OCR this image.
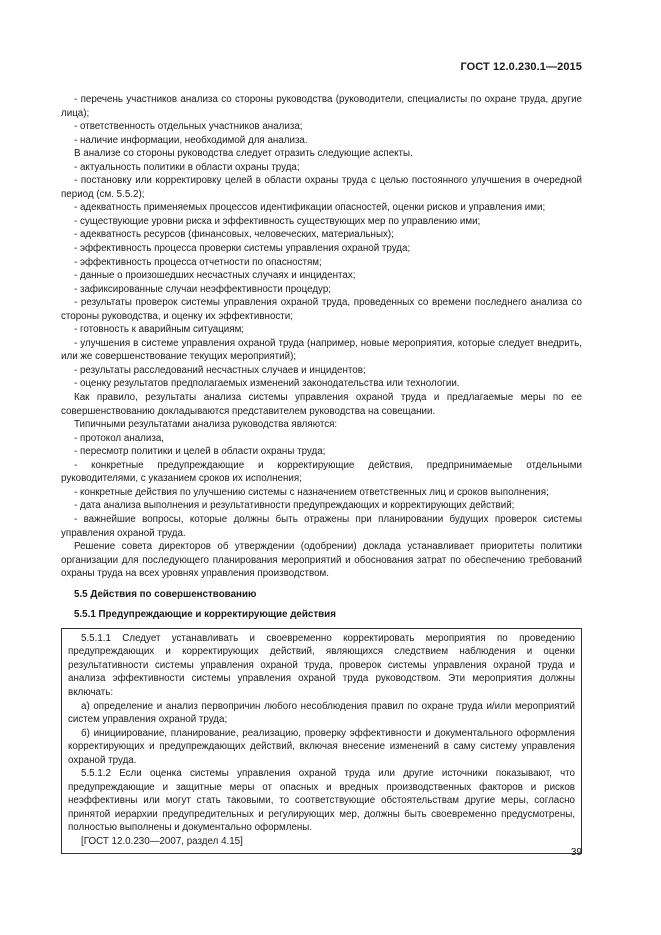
ГОСТ 12.0.230.1—2015

- перечень участников анализа со стороны руководства (руководители, специалисты по охране труда, другие лица);

- ответственность отдельных участников анализа;

- наличие информации, необходимой для анализа.

В анализе со стороны руководства следует отразить следующие аспекты.

- актуальность политики в области охраны труда;

- постановку или корректировку целей в области охраны труда с целью постоянного улучшения в очередной период (см. 5.5.2);

- адекватность применяемых процессов идентификации опасностей, оценки рисков и управления ими;

- существующие уровни риска и эффективность существующих мер по управлению ими;

- адекватность ресурсов (финансовых, человеческих, материальных);

- эффективность процесса проверки системы управления охраной труда;

- эффективность процесса отчетности по опасностям;

- данные о произошедших несчастных случаях и инцидентах;

- зафиксированные случаи неэффективности процедур;

- результаты проверок системы управления охраной труда, проведенных со времени последнего анализа со стороны руководства, и оценку их эффективности;

- готовность к аварийным ситуациям;

- улучшения в системе управления охраной труда (например, новые мероприятия, которые следует внедрить, или же совершенствование текущих мероприятий);

- результаты расследований несчастных случаев и инцидентов;

- оценку результатов предполагаемых изменений законодательства или технологии.

Как правило, результаты анализа системы управления охраной труда и предлагаемые меры по ее совершенствованию докладываются представителем руководства на совещании.

Типичными результатами анализа руководства являются:

- протокол анализа,

- пересмотр политики и целей в области охраны труда;

- конкретные предупреждающие и корректирующие действия, предпринимаемые отдельными руководителями, с указанием сроков их исполнения;

- конкретные действия по улучшению системы с назначением ответственных лиц и сроков выполнения;

- дата анализа выполнения и результативности предупреждающих и корректирующих действий;

- важнейшие вопросы, которые должны быть отражены при планировании будущих проверок системы управления охраной труда.

Решение совета директоров об утверждении (одобрении) доклада устанавливает приоритеты политики организации для последующего планирования мероприятий и обоснования затрат по обеспечению требований охраны труда на всех уровнях управления производством.

5.5 Действия по совершенствованию

5.5.1 Предупреждающие и корректирующие действия

5.5.1.1 Следует устанавливать и своевременно корректировать мероприятия по проведению предупреждающих и корректирующих действий, являющихся следствием наблюдения и оценки результативности системы управления охраной труда, проверок системы управления охраной труда и анализа эффективности системы управления охраной труда руководством. Эти мероприятия должны включать:

а) определение и анализ первопричин любого несоблюдения правил по охране труда и/или мероприятий систем управления охраной труда;

б) инициирование, планирование, реализацию, проверку эффективности и документального оформления корректирующих и предупреждающих действий, включая внесение изменений в саму систему управления охраной труда.

5.5.1.2 Если оценка системы управления охраной труда или другие источники показывают, что предупреждающие и защитные меры от опасных и вредных производственных факторов и рисков неэффективны или могут стать таковыми, то соответствующие обстоятельствам другие меры, согласно принятой иерархии предупредительных и регулирующих мер, должны быть своевременно предусмотрены, полностью выполнены и документально оформлены.

[ГОСТ 12.0.230—2007, раздел 4.15]

39
